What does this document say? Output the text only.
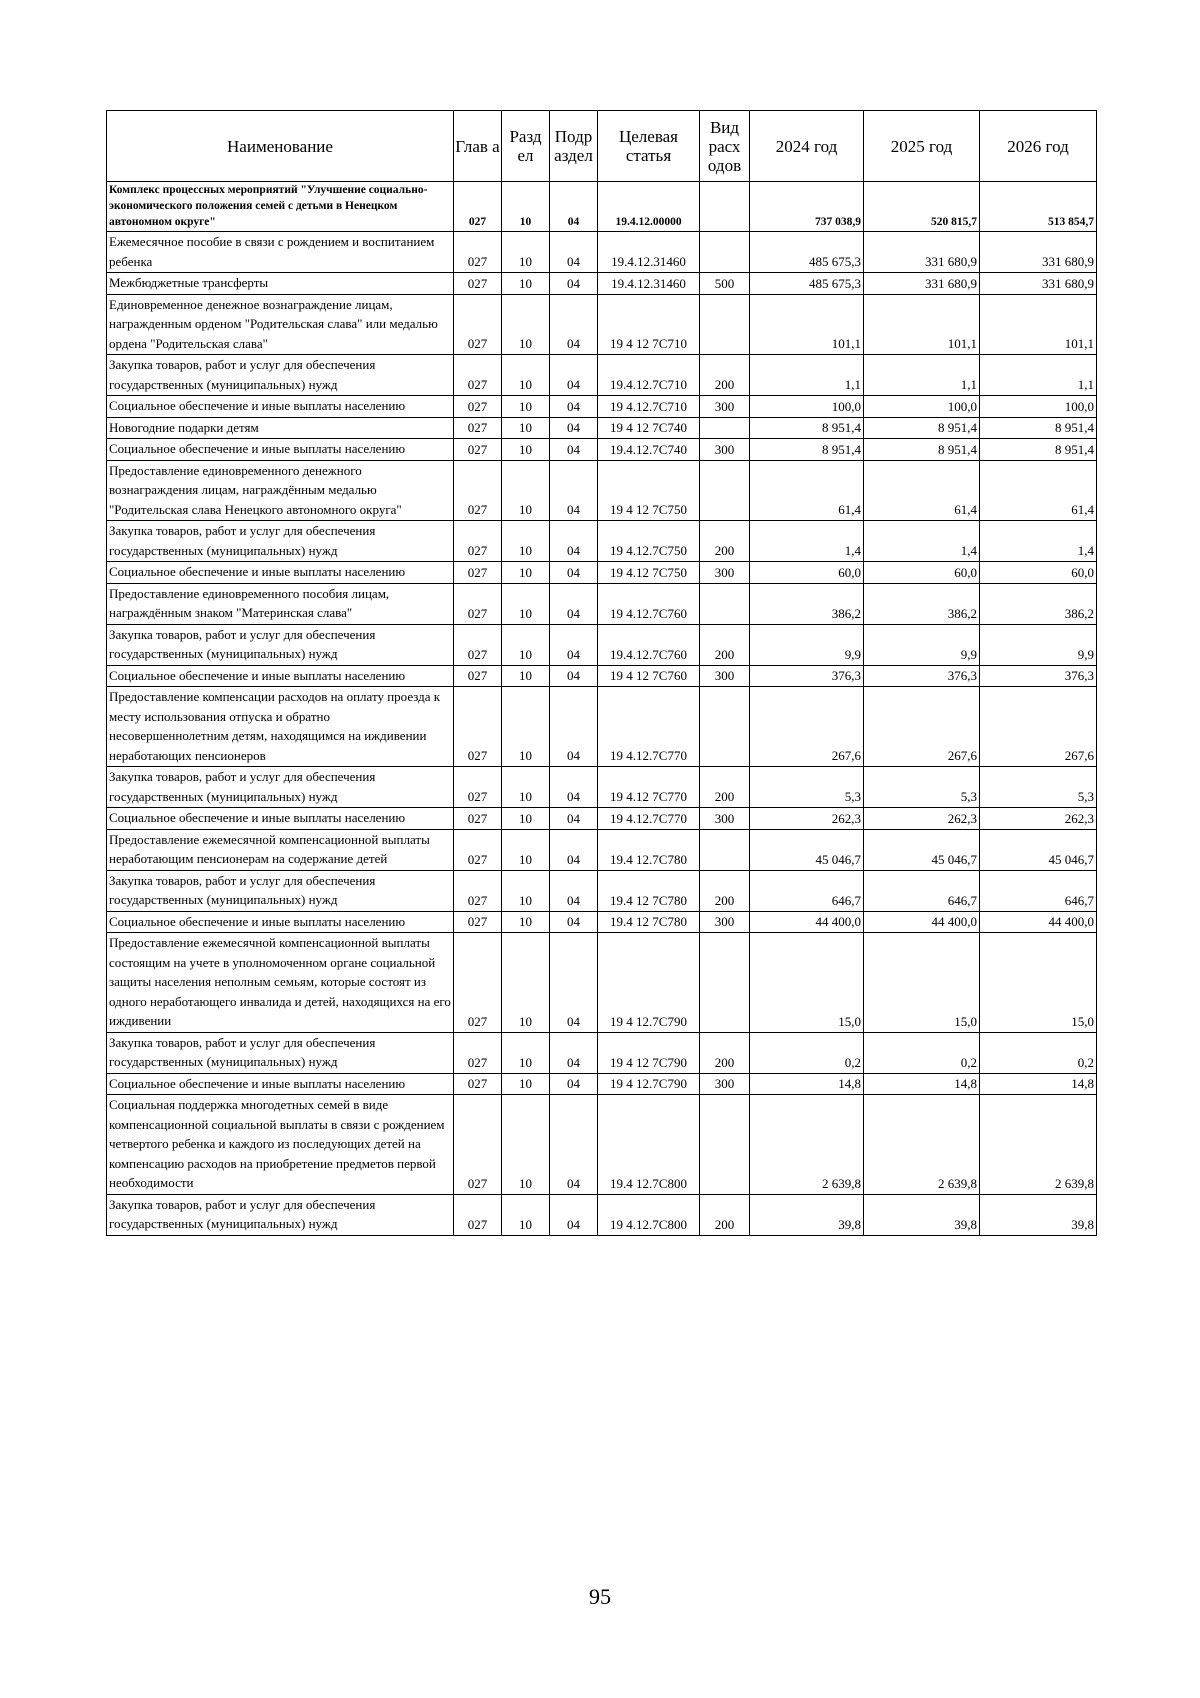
Наименование	Глав а	Разд ел	Подр аздел	Целевая статья	Вид расх одов	2024 год	2025 год	2026 год
Комплекс процессных мероприятий "Улучшение социально-экономического положения семей с детьми в Ненецком автономном округе"	027	10	04	19.4.12.00000		737 038,9	520 815,7	513 854,7
Ежемесячное пособие в связи с рождением и воспитанием ребенка	027	10	04	19.4.12.31460		485 675,3	331 680,9	331 680,9
Межбюджетные трансферты	027	10	04	19.4.12.31460	500	485 675,3	331 680,9	331 680,9
Единовременное денежное вознаграждение лицам, награжденным орденом "Родительская слава" или медалью ордена "Родительская слава"	027	10	04	19 4 12 7С710		101,1	101,1	101,1
Закупка товаров, работ и услуг для обеспечения государственных (муниципальных) нужд	027	10	04	19.4.12.7С710	200	1,1	1,1	1,1
Социальное обеспечение и иные выплаты населению	027	10	04	19 4.12.7С710	300	100,0	100,0	100,0
Новогодние подарки детям	027	10	04	19 4 12 7С740		8 951,4	8 951,4	8 951,4
Социальное обеспечение и иные выплаты населению	027	10	04	19.4.12.7С740	300	8 951,4	8 951,4	8 951,4
Предоставление единовременного денежного вознаграждения лицам, награждённым медалью "Родительская слава Ненецкого автономного округа"	027	10	04	19 4 12 7С750		61,4	61,4	61,4
Закупка товаров, работ и услуг для обеспечения государственных (муниципальных) нужд	027	10	04	19 4.12.7С750	200	1,4	1,4	1,4
Социальное обеспечение и иные выплаты населению	027	10	04	19 4.12 7С750	300	60,0	60,0	60,0
Предоставление единовременного пособия лицам, награждённым знаком "Материнская слава"	027	10	04	19 4.12.7С760		386,2	386,2	386,2
Закупка товаров, работ и услуг для обеспечения государственных (муниципальных) нужд	027	10	04	19.4.12.7С760	200	9,9	9,9	9,9
Социальное обеспечение и иные выплаты населению	027	10	04	19 4 12 7С760	300	376,3	376,3	376,3
Предоставление компенсации расходов на оплату проезда к месту использования отпуска и обратно несовершеннолетним детям, находящимся на иждивении неработающих пенсионеров	027	10	04	19 4.12.7С770		267,6	267,6	267,6
Закупка товаров, работ и услуг для обеспечения государственных (муниципальных) нужд	027	10	04	19 4.12 7С770	200	5,3	5,3	5,3
Социальное обеспечение и иные выплаты населению	027	10	04	19 4.12.7С770	300	262,3	262,3	262,3
Предоставление ежемесячной компенсационной выплаты неработающим пенсионерам на содержание детей	027	10	04	19.4 12.7С780		45 046,7	45 046,7	45 046,7
Закупка товаров, работ и услуг для обеспечения государственных (муниципальных) нужд	027	10	04	19.4 12 7С780	200	646,7	646,7	646,7
Социальное обеспечение и иные выплаты населению	027	10	04	19.4 12 7С780	300	44 400,0	44 400,0	44 400,0
Предоставление ежемесячной компенсационной выплаты состоящим на учете в уполномоченном органе социальной защиты населения неполным семьям, которые состоят из одного неработающего инвалида и детей, находящихся на его иждивении	027	10	04	19 4 12.7С790		15,0	15,0	15,0
Закупка товаров, работ и услуг для обеспечения государственных (муниципальных) нужд	027	10	04	19 4 12 7С790	200	0,2	0,2	0,2
Социальное обеспечение и иные выплаты населению	027	10	04	19 4 12.7С790	300	14,8	14,8	14,8
Социальная поддержка многодетных семей в виде компенсационной социальной выплаты в связи с рождением четвертого ребенка и каждого из последующих детей на компенсацию расходов на приобретение предметов первой необходимости	027	10	04	19.4 12.7С800		2 639,8	2 639,8	2 639,8
Закупка товаров, работ и услуг для обеспечения государственных (муниципальных) нужд	027	10	04	19 4.12.7С800	200	39,8	39,8	39,8
95
